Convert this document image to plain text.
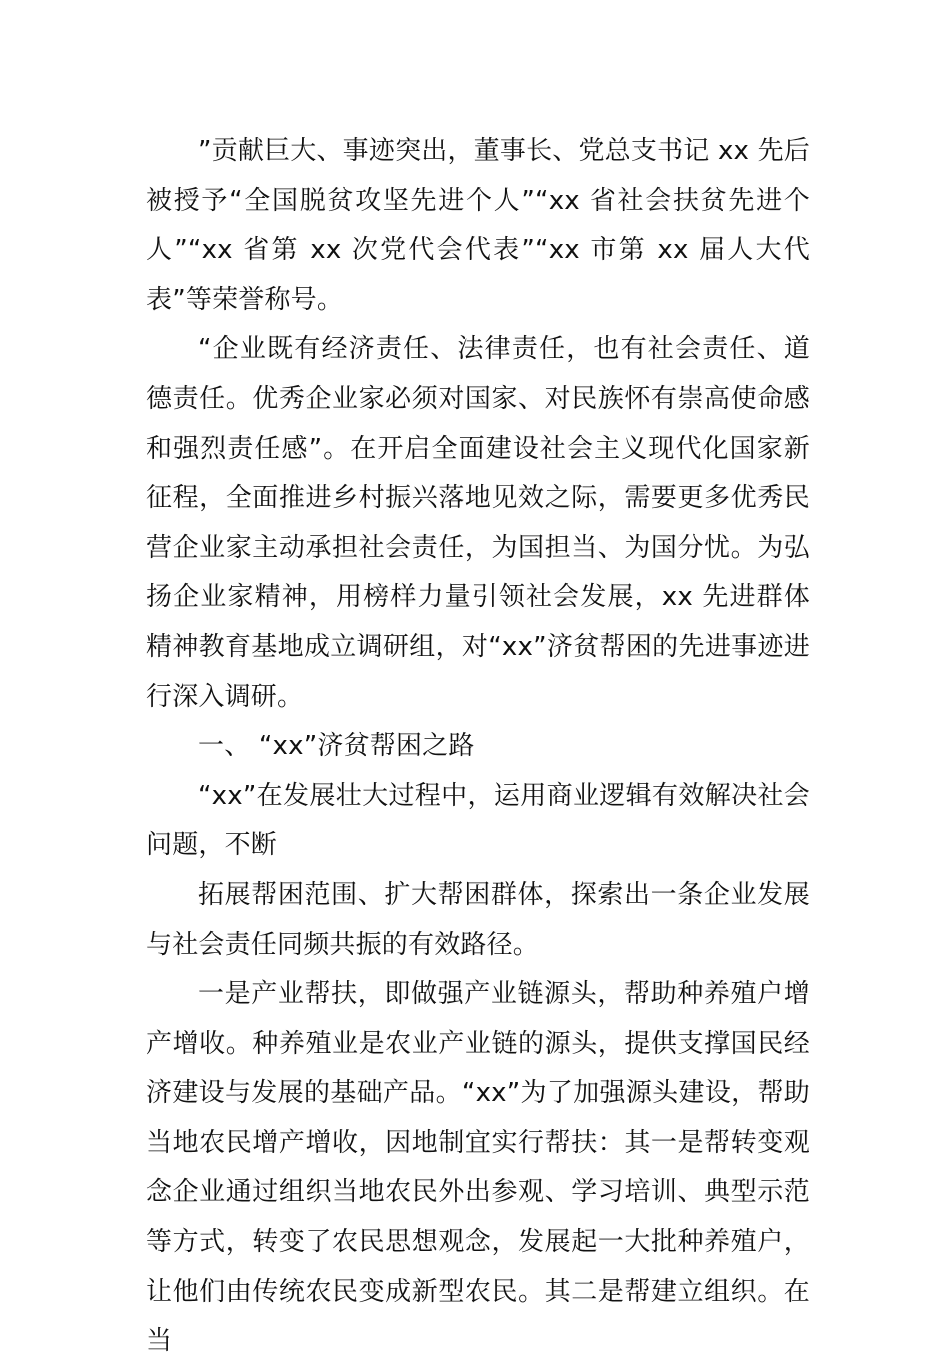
”贡献巨大、事迹突出，董事长、党总支书记 xx 先后被授予“全国脱贫攻坚先进个人”“xx 省社会扶贫先进个人”“xx 省第 xx 次党代会代表”“xx 市第 xx 届人大代表”等荣誉称号。

“企业既有经济责任、法律责任，也有社会责任、道德责任。优秀企业家必须对国家、对民族怀有崇高使命感和强烈责任感”。在开启全面建设社会主义现代化国家新征程，全面推进乡村振兴落地见效之际，需要更多优秀民营企业家主动承担社会责任，为国担当、为国分忧。为弘扬企业家精神，用榜样力量引领社会发展，xx 先进群体精神教育基地成立调研组，对“xx”济贫帮困的先进事迹进行深入调研。

一、 “xx”济贫帮困之路

“xx”在发展壮大过程中，运用商业逻辑有效解决社会问题，不断

拓展帮困范围、扩大帮困群体，探索出一条企业发展与社会责任同频共振的有效路径。

一是产业帮扶，即做强产业链源头，帮助种养殖户增产增收。种养殖业是农业产业链的源头，提供支撑国民经济建设与发展的基础产品。“xx”为了加强源头建设，帮助当地农民增产增收，因地制宜实行帮扶：其一是帮转变观念企业通过组织当地农民外出参观、学习培训、典型示范等方式，转变了农民思想观念，发展起一大批种养殖户，让他们由传统农民变成新型农民。其二是帮建立组织。在当
